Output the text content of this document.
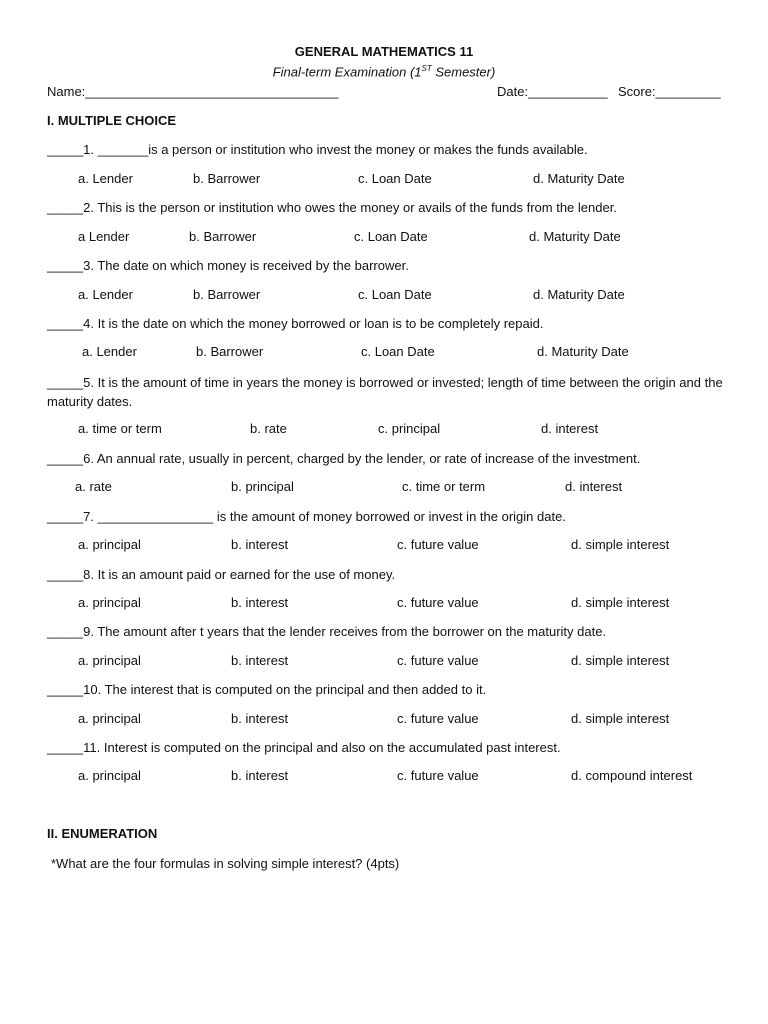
GENERAL MATHEMATICS 11
Final-term Examination (1ST Semester)
Name:___________________________________	Date:___________ Score:_________
I. MULTIPLE CHOICE
_____1. _______is a person or institution who invest the money or makes the funds available.
a. Lender	b. Barrower	c. Loan Date	d. Maturity Date
_____2. This is the person or institution who owes the money or avails of the funds from the lender.
a Lender	b. Barrower	c. Loan Date	d. Maturity Date
_____3. The date on which money is received by the barrower.
a. Lender	b. Barrower	c. Loan Date	d. Maturity Date
_____4. It is the date on which the money borrowed or loan is to be completely repaid.
a. Lender	b. Barrower	c. Loan Date	d. Maturity Date
_____5. It is the amount of time in years the money is borrowed or invested; length of time between the origin and the maturity dates.
a. time or term	b. rate	c. principal	d. interest
_____6. An annual rate, usually in percent, charged by the lender, or rate of increase of the investment.
a. rate	b. principal	c. time or term	d. interest
_____7. ________________ is the amount of money borrowed or invest in the origin date.
a. principal	b. interest	c. future value	d. simple interest
_____8. It is an amount paid or earned for the use of money.
a. principal	b. interest	c. future value	d. simple interest
_____9. The amount after t years that the lender receives from the borrower on the maturity date.
a. principal	b. interest	c. future value	d. simple interest
_____10. The interest that is computed on the principal and then added to it.
a. principal	b. interest	c. future value	d. simple interest
_____11. Interest is computed on the principal and also on the accumulated past interest.
a. principal	b. interest	c. future value	d. compound interest
II. ENUMERATION
*What are the four formulas in solving simple interest? (4pts)
